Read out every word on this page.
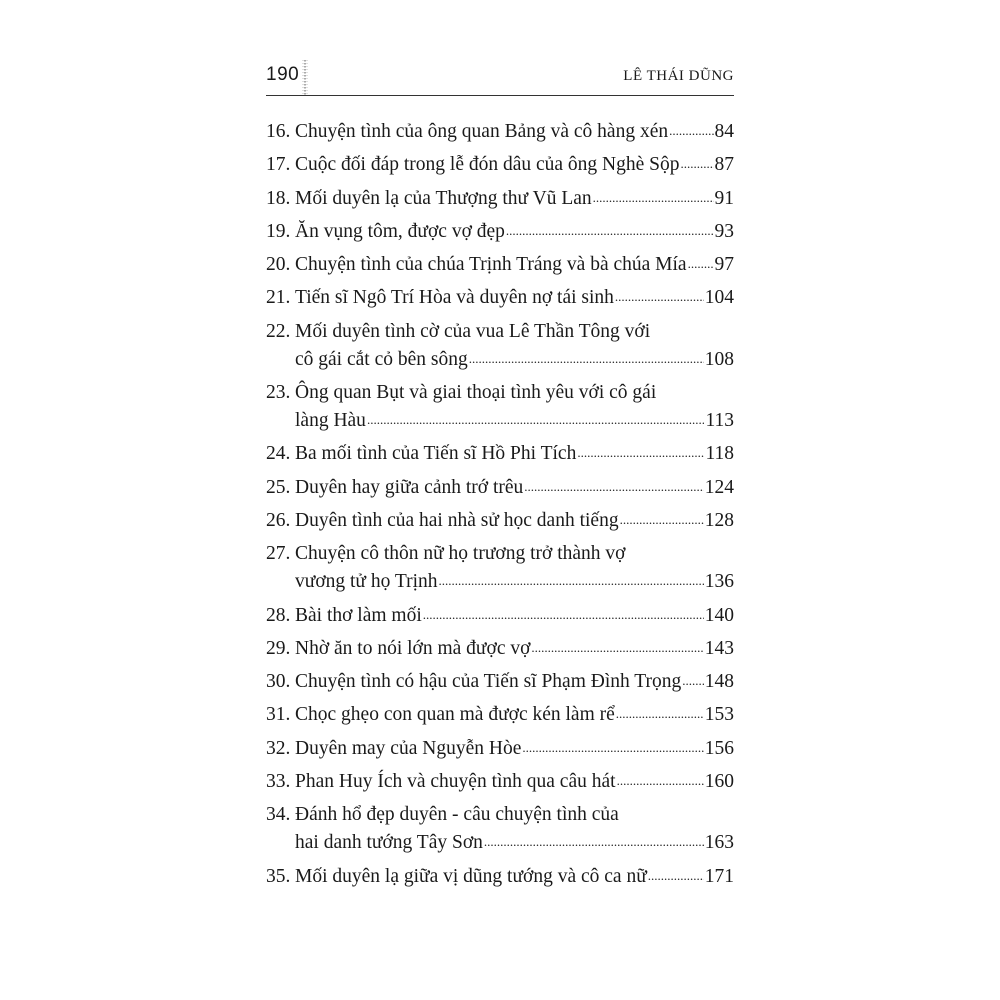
190	LÊ THÁI DŨNG
16. Chuyện tình của ông quan Bảng và cô hàng xén ..... 84
17. Cuộc đối đáp trong lễ đón dâu của ông Nghè Sộp ..... 87
18. Mối duyên lạ của Thượng thư Vũ Lan .....	91
19. Ăn vụng tôm, được vợ đẹp .....	93
20. Chuyện tình của chúa Trịnh Tráng và bà chúa Mía ..... 97
21. Tiến sĩ Ngô Trí Hòa và duyên nợ tái sinh .....	104
22. Mối duyên tình cờ của vua Lê Thần Tông với
cô gái cắt cỏ bên sông .....	108
23. Ông quan Bụt và giai thoại tình yêu với cô gái
làng Hàu .....	113
24. Ba mối tình của Tiến sĩ Hồ Phi Tích .....	118
25. Duyên hay giữa cảnh trớ trêu .....	124
26. Duyên tình của hai nhà sử học danh tiếng .....	128
27. Chuyện cô thôn nữ họ trương trở thành vợ
vương tử họ Trịnh .....	136
28. Bài thơ làm mối .....	140
29. Nhờ ăn to nói lớn mà được vợ .....	143
30. Chuyện tình có hậu của Tiến sĩ Phạm Đình Trọng ..... 148
31. Chọc ghẹo con quan mà được kén làm rể .....	153
32. Duyên may của Nguyễn Hòe .....	156
33. Phan Huy Ích và chuyện tình qua câu hát .....	160
34. Đánh hổ đẹp duyên - câu chuyện tình của
hai danh tướng Tây Sơn .....	163
35. Mối duyên lạ giữa vị dũng tướng và cô ca nữ .....	171
